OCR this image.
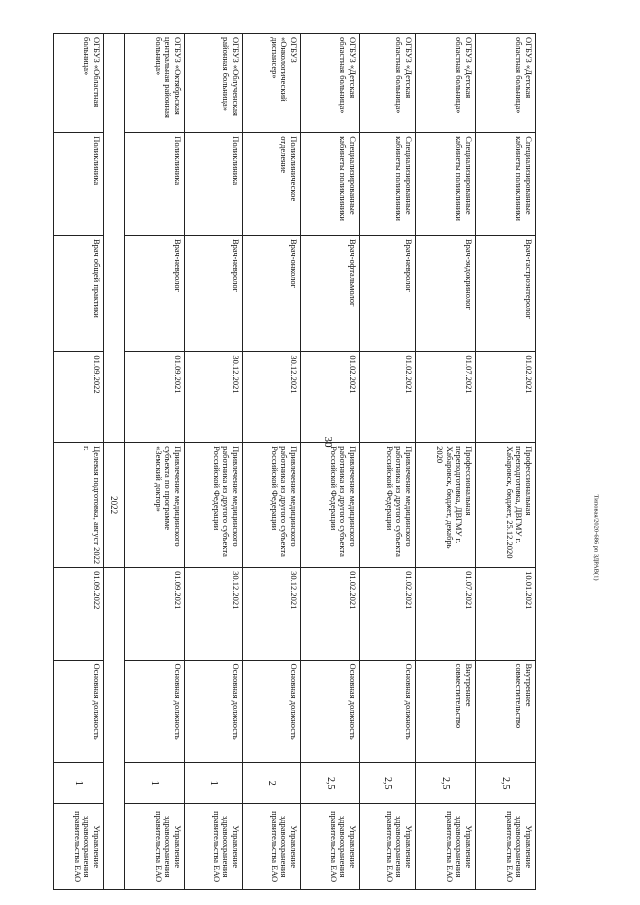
30
ОГБУЗ «Детская областная больница»	Специализированные кабинеты поликлиники	Врач-гастроэнтеролог	01.02.2021	Профессиональная переподготовка, ДВГМУ г. Хабаровск, бюджет, 25.12.2020	10.01.2021	Внутреннее совместительство	2,5	Управление здравоохранения правительства ЕАО
ОГБУЗ «Детская областная больница»	Специализированные кабинеты поликлиники	Врач-эндокринолог	01.07.2021	Профессиональная переподготовка, ДВГМУ г. Хабаровск, бюджет, декабрь 2020	01.07.2021	Внутреннее совместительство	2,5	Управление здравоохранения правительства ЕАО
ОГБУЗ «Детская областная больница»	Специализированные кабинеты поликлиники	Врач-невролог	01.02.2021	Привлечение медицинского работника из другого субъекта Российской Федерации	01.02.2021	Основная должность	2,5	Управление здравоохранения правительства ЕАО
ОГБУЗ «Детская областная больница»	Специализированные кабинеты поликлиники	Врач-офтальмолог	01.02.2021	Привлечение медицинского работника из другого субъекта Российской Федерации	01.02.2021	Основная должность	2,5	Управление здравоохранения правительства ЕАО
ОГБУЗ «Онкологический диспансер»	Поликлиническое отделение	Врач-онколог	30.12.2021	Привлечение медицинского работника из другого субъекта Российской Федерации	30.12.2021	Основная должность	2	Управление здравоохранения правительства ЕАО
ОГБУЗ «Облученская районная больница»	Поликлиника	Врач-невролог	30.12.2021	Привлечение медицинского работника из другого субъекта Российской Федерации	30.12.2021	Основная должность	1	Управление здравоохранения правительства ЕАО
ОГБУЗ «Октябрьская центральная районная больница»	Поликлиника	Врач-невролог	01.09.2021	Привлечение медицинского субъекта по программе «Земский доктор»	01.09.2021	Основная должность	1	Управление здравоохранения правительства ЕАО
				2022				
ОГБУЗ «Областная больница»	Поликлиника	Врач общей практики	01.09.2022	Целевая подготовка, август 2022 г.	01.09.2022	Основная должность	1	Управление здравоохранения правительства ЕАО
Типовая/2020-686 pn ЗДРАВ(1)
